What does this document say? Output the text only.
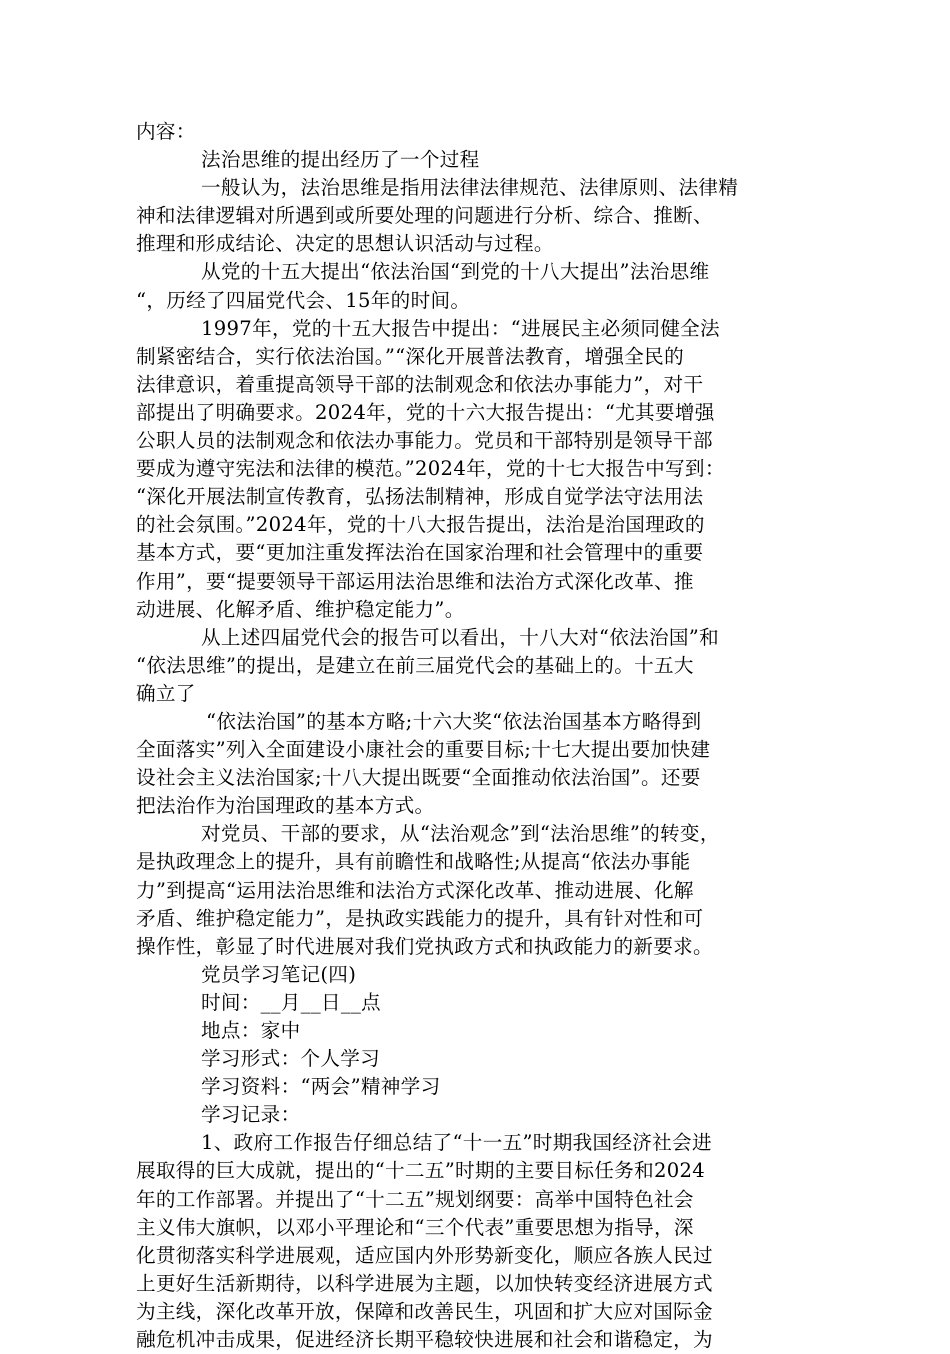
内容：

法治思维的提出经历了一个过程

一般认为，法治思维是指用法律法律规范、法律原则、法律精

神和法律逻辑对所遇到或所要处理的问题进行分析、综合、推断、

推理和形成结论、决定的思想认识活动与过程。

从党的十五大提出“依法治国“到党的十八大提出”法治思维

“，历经了四届党代会、15年的时间。

1997年，党的十五大报告中提出：“进展民主必须同健全法

制紧密结合，实行依法治国。”“深化开展普法教育，增强全民的

法律意识，着重提高领导干部的法制观念和依法办事能力”，对干

部提出了明确要求。2024年，党的十六大报告提出：“尤其要增强

公职人员的法制观念和依法办事能力。党员和干部特别是领导干部

要成为遵守宪法和法律的模范。”2024年，党的十七大报告中写到：

“深化开展法制宣传教育，弘扬法制精神，形成自觉学法守法用法

的社会氛围。”2024年，党的十八大报告提出，法治是治国理政的

基本方式，要“更加注重发挥法治在国家治理和社会管理中的重要

作用”，要“提要领导干部运用法治思维和法治方式深化改革、推

动进展、化解矛盾、维护稳定能力”。

从上述四届党代会的报告可以看出，十八大对“依法治国”和

“依法思维”的提出，是建立在前三届党代会的基础上的。十五大

确立了

“依法治国”的基本方略;十六大奖“依法治国基本方略得到

全面落实”列入全面建设小康社会的重要目标;十七大提出要加快建

设社会主义法治国家;十八大提出既要“全面推动依法治国”。还要

把法治作为治国理政的基本方式。

对党员、干部的要求，从“法治观念”到“法治思维”的转变，

是执政理念上的提升，具有前瞻性和战略性;从提高“依法办事能

力”到提高“运用法治思维和法治方式深化改革、推动进展、化解

矛盾、维护稳定能力”，是执政实践能力的提升，具有针对性和可

操作性，彰显了时代进展对我们党执政方式和执政能力的新要求。

党员学习笔记(四)

时间：__月__日__点

地点：家中

学习形式：个人学习

学习资料：“两会”精神学习

学习记录：

1、政府工作报告仔细总结了“十一五”时期我国经济社会进

展取得的巨大成就，提出的“十二五”时期的主要目标任务和2024

年的工作部署。并提出了“十二五”规划纲要：高举中国特色社会

主义伟大旗帜，以邓小平理论和“三个代表”重要思想为指导，深

化贯彻落实科学进展观，适应国内外形势新变化，顺应各族人民过

上更好生活新期待，以科学进展为主题，以加快转变经济进展方式

为主线，深化改革开放，保障和改善民生，巩固和扩大应对国际金

融危机冲击成果，促进经济长期平稳较快进展和社会和谐稳定，为
